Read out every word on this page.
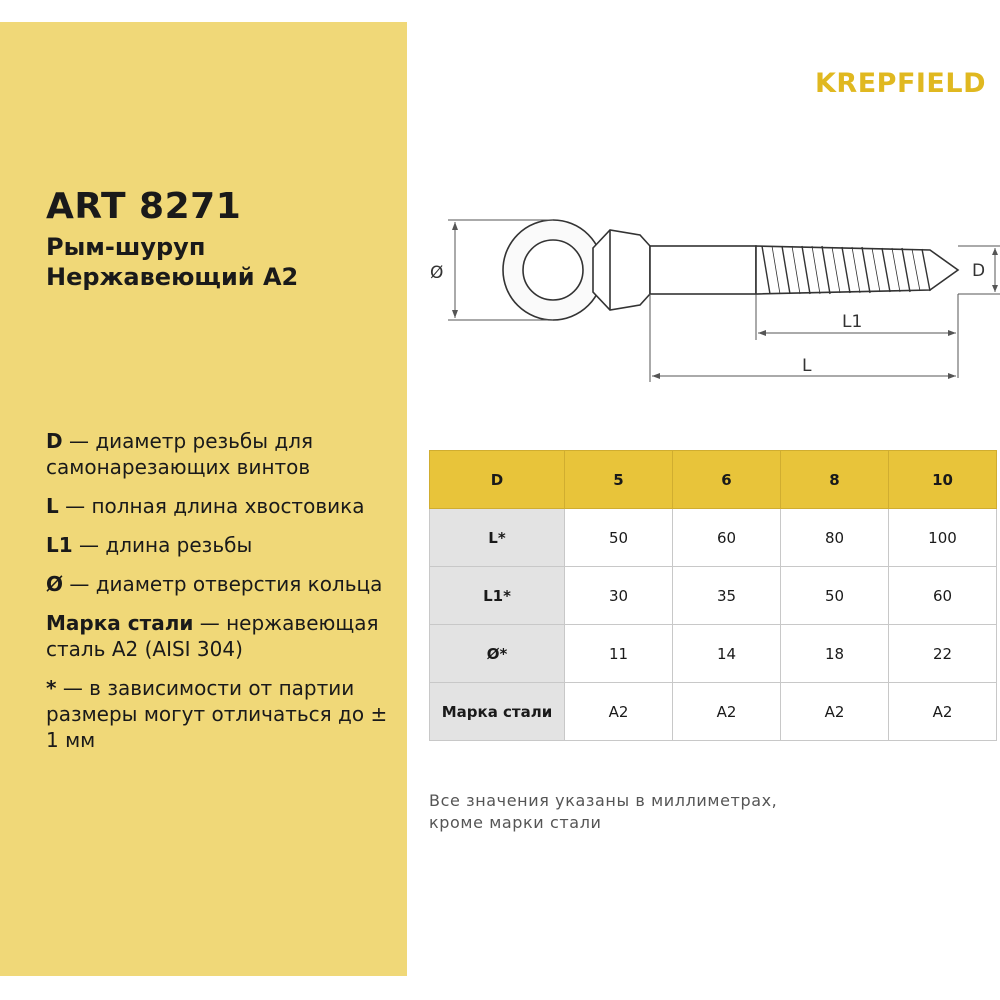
ART 8271
Рым-шуруп
Нержавеющий A2

D — диаметр резьбы для самонарезающих винтов

L — полная длина хвостовика

L1 — длина резьбы

Ø — диаметр отверстия кольца

Марка стали — нержавеющая сталь A2 (AISI 304)

* — в зависимости от партии размеры могут отличаться до ± 1 мм

KREPFIELD
Ø	D
L1
L
D	5	6	8	10
L*	50	60	80	100
L1*	30	35	50	60
Ø*	11	14	18	22
Марка стали	A2	A2	A2	A2
Все значения указаны в миллиметрах,
кроме марки стали
